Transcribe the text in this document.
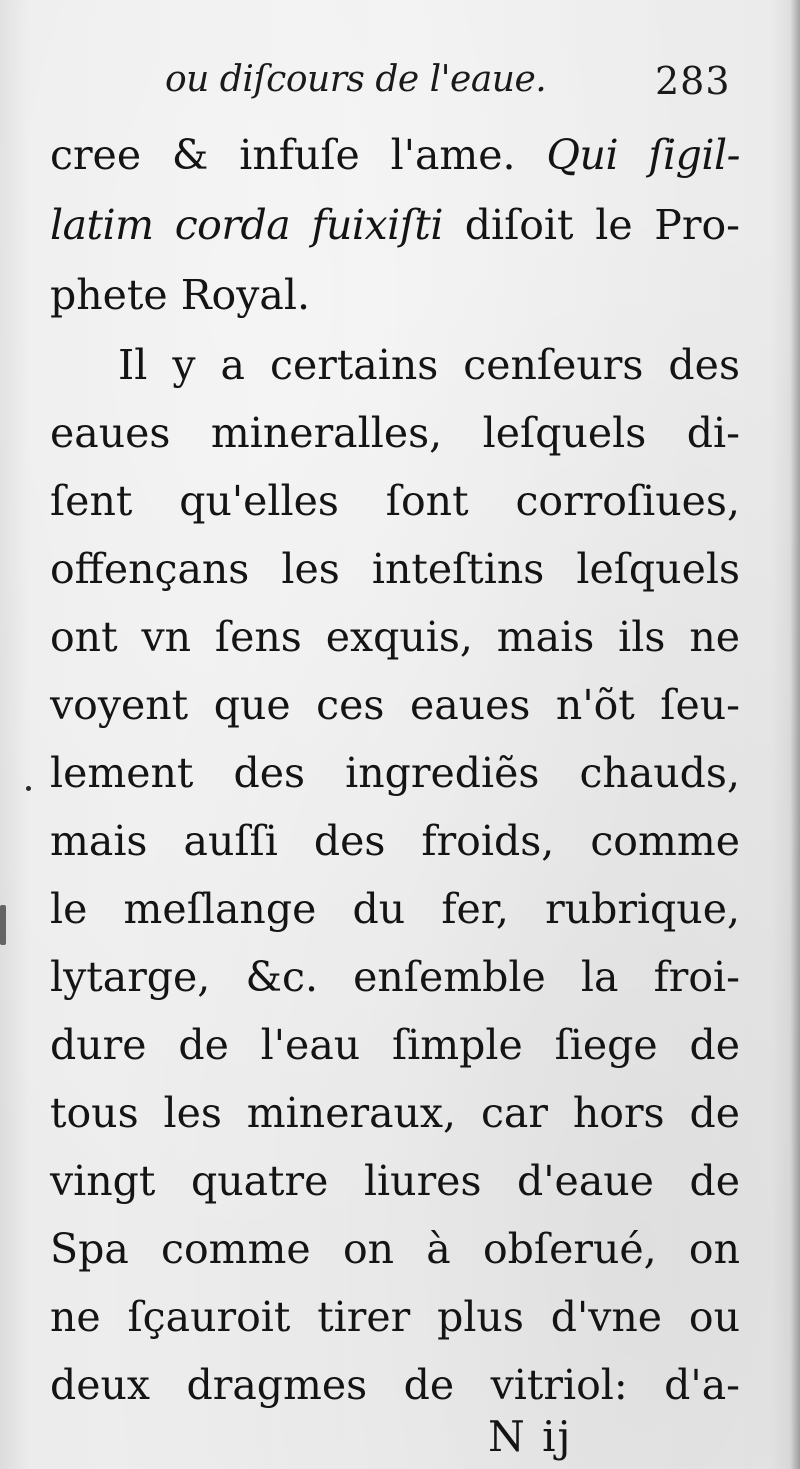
ou diſcours de l'eaue.	283
cree & infuſe l'ame. Qui ſigil-
latim corda fuixiſti diſoit le Pro-
phete Royal.
Il y a certains cenſeurs des
eaues mineralles, leſquels di-
ſent qu'elles ſont corroſiues,
offençans les inteſtins leſquels
ont vn ſens exquis, mais ils ne
voyent que ces eaues n'õt ſeu-
lement des ingrediẽs chauds,
mais auſſi des froids, comme
le meſlange du fer, rubrique,
lytarge, &c. enſemble la froi-
dure de l'eau ſimple ſiege de
tous les mineraux, car hors de
vingt quatre liures d'eaue de
Spa comme on à obſerué, on
ne ſçauroit tirer plus d'vne ou
deux dragmes de vitriol: d'a-
N ij
